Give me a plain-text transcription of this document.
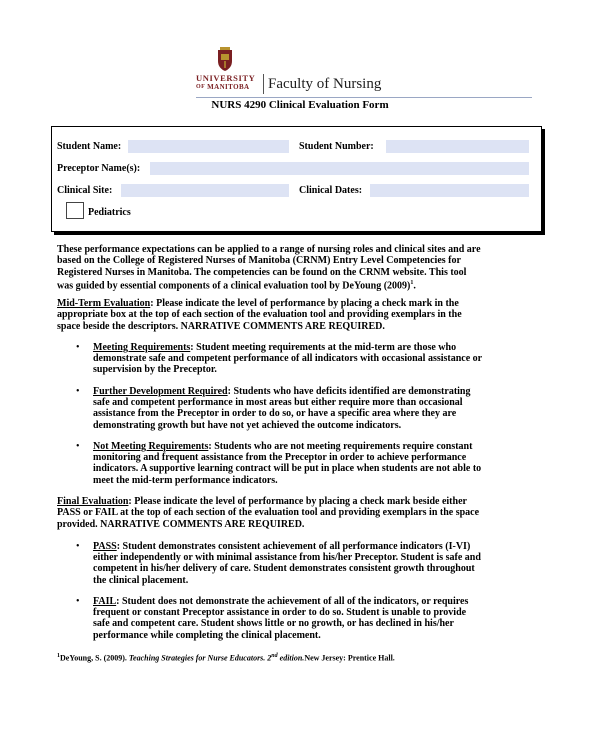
UNIVERSITY
OF MANITOBA	Faculty of Nursing
NURS 4290 Clinical Evaluation Form
Student Name:	Student Number:
Preceptor Name(s):
Clinical Site:	Clinical Dates:
Pediatrics
These performance expectations can be applied to a range of nursing roles and clinical sites and are
based on the College of Registered Nurses of Manitoba (CRNM) Entry Level Competencies for
Registered Nurses in Manitoba. The competencies can be found on the CRNM website. This tool
was guided by essential components of a clinical evaluation tool by DeYoung $(2009)^1$.
Mid-Term Evaluation: Please indicate the level of performance by placing a check mark in the
appropriate box at the top of each section of the evaluation tool and providing exemplars in the
space beside the descriptors. NARRATIVE COMMENTS ARE REQUIRED.
• Meeting Requirements: Student meeting requirements at the mid-term are those who
demonstrate safe and competent performance of all indicators with occasional assistance or
supervision by the Preceptor.
• Further Development Required: Students who have deficits identified are demonstrating
safe and competent performance in most areas but either require more than occasional
assistance from the Preceptor in order to do so, or have a specific area where they are
demonstrating growth but have not yet achieved the outcome indicators.
• Not Meeting Requirements: Students who are not meeting requirements require constant
monitoring and frequent assistance from the Preceptor in order to achieve performance
indicators. A supportive learning contract will be put in place when students are not able to
meet the mid-term performance indicators.
Final Evaluation: Please indicate the level of performance by placing a check mark beside either
PASS or FAIL at the top of each section of the evaluation tool and providing exemplars in the space
provided. NARRATIVE COMMENTS ARE REQUIRED.
• PASS: Student demonstrates consistent achievement of all performance indicators (I-VI)
either independently or with minimal assistance from his/her Preceptor. Student is safe and
competent in his/her delivery of care. Student demonstrates consistent growth throughout
the clinical placement.
• FAIL: Student does not demonstrate the achievement of all of the indicators, or requires
frequent or constant Preceptor assistance in order to do so. Student is unable to provide
safe and competent care. Student shows little or no growth, or has declined in his/her
performance while completing the clinical placement.
$^1$DeYoung, S. (2009). Teaching Strategies for Nurse Educators. 2nd edition.New Jersey: Prentice Hall.
